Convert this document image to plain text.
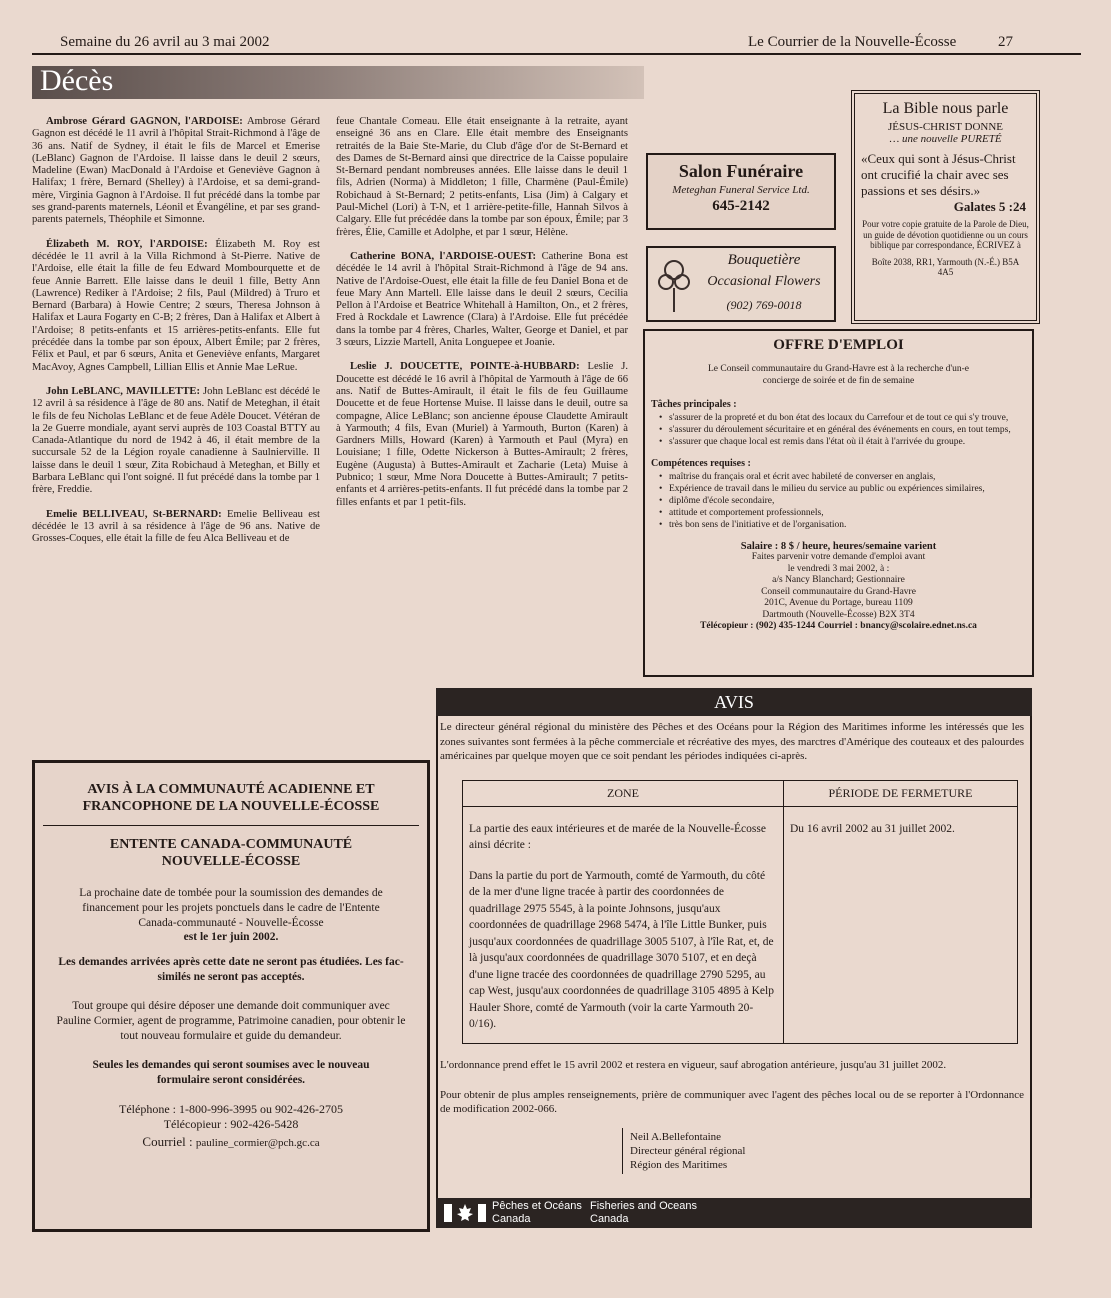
Semaine du 26 avril au 3 mai 2002	Le Courrier de la Nouvelle-Écosse	27
Décès

Ambrose Gérard GAGNON, l'ARDOISE: Ambrose Gérard Gagnon est décédé le 11 avril à l'hôpital Strait-Richmond à l'âge de 36 ans. Natif de Sydney, il était le fils de Marcel et Emerise (LeBlanc) Gagnon de l'Ardoise. Il laisse dans le deuil 2 sœurs, Madeline (Ewan) MacDonald à l'Ardoise et Geneviève Gagnon à Halifax; 1 frère, Bernard (Shelley) à l'Ardoise, et sa demi-grand-mère, Virginia Gagnon à l'Ardoise. Il fut précédé dans la tombe par ses grand-parents maternels, Léonil et Évangéline, et par ses grand-parents paternels, Théophile et Simonne.

Élizabeth M. ROY, l'ARDOISE: Élizabeth M. Roy est décédée le 11 avril à la Villa Richmond à St-Pierre. Native de l'Ardoise, elle était la fille de feu Edward Mombourquette et de feue Annie Barrett. Elle laisse dans le deuil 1 fille, Betty Ann (Lawrence) Rediker à l'Ardoise; 2 fils, Paul (Mildred) à Truro et Bernard (Barbara) à Howie Centre; 2 sœurs, Theresa Johnson à Halifax et Laura Fogarty en C-B; 2 frères, Dan à Halifax et Albert à l'Ardoise; 8 petits-enfants et 15 arrières-petits-enfants. Elle fut précédée dans la tombe par son époux, Albert Émile; par 2 frères, Félix et Paul, et par 6 sœurs, Anita et Geneviève enfants, Margaret MacAvoy, Agnes Campbell, Lillian Ellis et Annie Mae LeRue.

John LeBLANC, MAVILLETTE: John LeBlanc est décédé le 12 avril à sa résidence à l'âge de 80 ans. Natif de Meteghan, il était le fils de feu Nicholas LeBlanc et de feue Adèle Doucet. Vétéran de la 2e Guerre mondiale, ayant servi auprès de 103 Coastal BTTY au Canada-Atlantique du nord de 1942 à 46, il était membre de la succursale 52 de la Légion royale canadienne à Saulnierville. Il laisse dans le deuil 1 sœur, Zita Robichaud à Meteghan, et Billy et Barbara LeBlanc qui l'ont soigné. Il fut précédé dans la tombe par 1 frère, Freddie.

Emelie BELLIVEAU, St-BERNARD: Emelie Belliveau est décédée le 13 avril à sa résidence à l'âge de 96 ans. Native de Grosses-Coques, elle était la fille de feu Alca Belliveau et de

feue Chantale Comeau. Elle était enseignante à la retraite, ayant enseigné 36 ans en Clare. Elle était membre des Enseignants retraités de la Baie Ste-Marie, du Club d'âge d'or de St-Bernard et des Dames de St-Bernard ainsi que directrice de la Caisse populaire St-Bernard pendant nombreuses années. Elle laisse dans le deuil 1 fils, Adrien (Norma) à Middleton; 1 fille, Charmène (Paul-Émile) Robichaud à St-Bernard; 2 petits-enfants, Lisa (Jim) à Calgary et Paul-Michel (Lori) à T-N, et 1 arrière-petite-fille, Hannah Silvos à Calgary. Elle fut précédée dans la tombe par son époux, Émile; par 3 frères, Élie, Camille et Adolphe, et par 1 sœur, Hélène.

Catherine BONA, l'ARDOISE-OUEST: Catherine Bona est décédée le 14 avril à l'hôpital Strait-Richmond à l'âge de 94 ans. Native de l'Ardoise-Ouest, elle était la fille de feu Daniel Bona et de feue Mary Ann Martell. Elle laisse dans le deuil 2 sœurs, Cecilia Pellon à l'Ardoise et Beatrice Whitehall à Hamilton, On., et 2 frères, Fred à Rockdale et Lawrence (Clara) à l'Ardoise. Elle fut précédée dans la tombe par 4 frères, Charles, Walter, George et Daniel, et par 3 sœurs, Lizzie Martell, Anita Longuepee et Joanie.

Leslie J. DOUCETTE, POINTE-à-HUBBARD: Leslie J. Doucette est décédé le 16 avril à l'hôpital de Yarmouth à l'âge de 66 ans. Natif de Buttes-Amirault, il était le fils de feu Guillaume Doucette et de feue Hortense Muise. Il laisse dans le deuil, outre sa compagne, Alice LeBlanc; son ancienne épouse Claudette Amirault à Yarmouth; 4 fils, Evan (Muriel) à Yarmouth, Burton (Karen) à Gardners Mills, Howard (Karen) à Yarmouth et Paul (Myra) en Louisiane; 1 fille, Odette Nickerson à Buttes-Amirault; 2 frères, Eugène (Augusta) à Buttes-Amirault et Zacharie (Leta) Muise à Pubnico; 1 sœur, Mme Nora Doucette à Buttes-Amirault; 7 petits-enfants et 4 arrières-petits-enfants. Il fut précédé dans la tombe par 2 filles enfants et par 1 petit-fils.

Salon Funéraire
Meteghan Funeral Service Ltd.
645-2142
Bouquetière
Occasional Flowers
(902) 769-0018
La Bible nous parle
JÉSUS-CHRIST DONNE
… une nouvelle PURETÉ
«Ceux qui sont à Jésus-Christ ont crucifié la chair avec ses passions et ses désirs.»
Galates 5 :24
Pour votre copie gratuite de la Parole de Dieu, un guide de dévotion quotidienne ou un cours biblique par correspondance, ÉCRIVEZ à
Boîte 2038, RR1, Yarmouth (N.-É.) B5A 4A5
OFFRE D'EMPLOI
Le Conseil communautaire du Grand-Havre est à la recherche d'un-e concierge de soirée et de fin de semaine
Tâches principales :
• s'assurer de la propreté et du bon état des locaux du Carrefour et de tout ce qui s'y trouve,
• s'assurer du déroulement sécuritaire et en général des événements en cours, en tout temps,
• s'assurer que chaque local est remis dans l'état où il était à l'arrivée du groupe.
Compétences requises :
• maîtrise du français oral et écrit avec habileté de converser en anglais,
• Expérience de travail dans le milieu du service au public ou expériences similaires,
• diplôme d'école secondaire,
• attitude et comportement professionnels,
• très bon sens de l'initiative et de l'organisation.
Salaire : 8 $ / heure, heures/semaine varient
Faites parvenir votre demande d'emploi avant
le vendredi 3 mai 2002, à :
a/s Nancy Blanchard; Gestionnaire
Conseil communautaire du Grand-Havre
201C, Avenue du Portage, bureau 1109
Dartmouth (Nouvelle-Écosse) B2X 3T4
Télécopieur : (902) 435-1244 Courriel : bnancy@scolaire.ednet.ns.ca
AVIS
Le directeur général régional du ministère des Pêches et des Océans pour la Région des Maritimes informe les intéressés que les zones suivantes sont fermées à la pêche commerciale et récréative des myes, des marctres d'Amérique des couteaux et des palourdes américaines par quelque moyen que ce soit pendant les périodes indiquées ci-après.
ZONE	PÉRIODE DE FERMETURE

La partie des eaux intérieures et de marée de la Nouvelle-Écosse ainsi décrite :
Dans la partie du port de Yarmouth, comté de Yarmouth, du côté de la mer d'une ligne tracée à partir des coordonnées de quadrillage 2975 5545, à la pointe Johnsons, jusqu'aux coordonnées de quadrillage 2968 5474, à l'île Little Bunker, puis jusqu'aux coordonnées de quadrillage 3005 5107, à l'île Rat, et, de là jusqu'aux coordonnées de quadrillage 3070 5107, et en deçà d'une ligne tracée des coordonnées de quadrillage 2790 5295, au cap West, jusqu'aux coordonnées de quadrillage 3105 4895 à Kelp Hauler Shore, comté de Yarmouth (voir la carte Yarmouth 20-0/16).	Du 16 avril 2002 au 31 juillet 2002.
L'ordonnance prend effet le 15 avril 2002 et restera en vigueur, sauf abrogation antérieure, jusqu'au 31 juillet 2002.
Pour obtenir de plus amples renseignements, prière de communiquer avec l'agent des pêches local ou de se reporter à l'Ordonnance de modification 2002-066.
Neil A.Bellefontaine
Directeur général régional
Région des Maritimes
Pêches et Océans
Canada
Fisheries and Oceans
Canada
AVIS À LA COMMUNAUTÉ ACADIENNE ET FRANCOPHONE DE LA NOUVELLE-ÉCOSSE
ENTENTE CANADA-COMMUNAUTÉ NOUVELLE-ÉCOSSE
La prochaine date de tombée pour la soumission des demandes de financement pour les projets ponctuels dans le cadre de l'Entente Canada-communauté - Nouvelle-Écosse
est le 1er juin 2002.
Les demandes arrivées après cette date ne seront pas étudiées. Les fac-similés ne seront pas acceptés.
Tout groupe qui désire déposer une demande doit communiquer avec Pauline Cormier, agent de programme, Patrimoine canadien, pour obtenir le tout nouveau formulaire et guide du demandeur.
Seules les demandes qui seront soumises avec le nouveau formulaire seront considérées.
Téléphone : 1-800-996-3995 ou 902-426-2705
Télécopieur : 902-426-5428
Courriel : pauline_cormier@pch.gc.ca
